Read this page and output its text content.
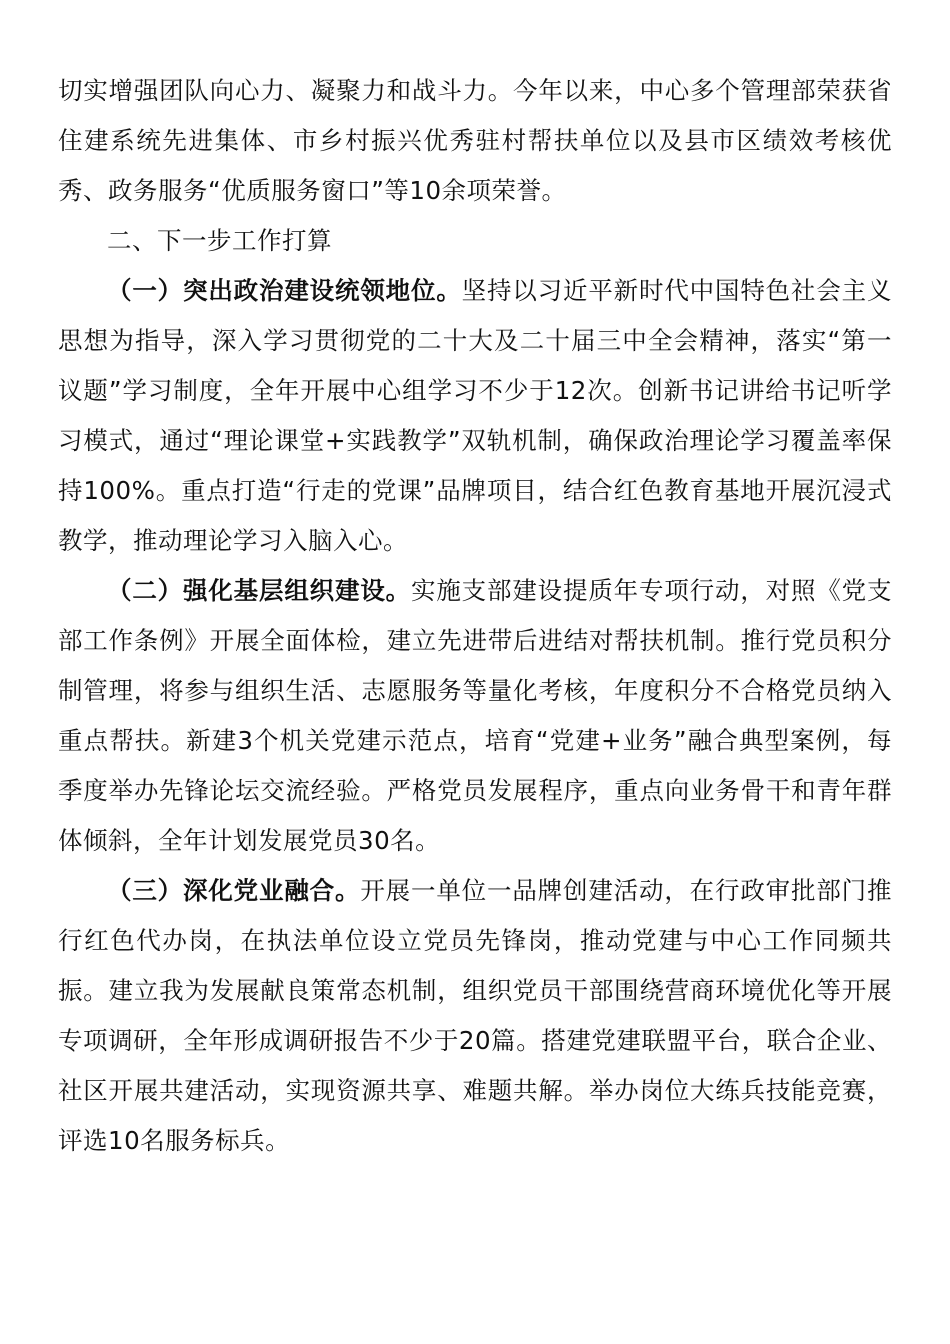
切实增强团队向心力、凝聚力和战斗力。今年以来，中心多个管理部荣获省住建系统先进集体、市乡村振兴优秀驻村帮扶单位以及县市区绩效考核优秀、政务服务“优质服务窗口”等10余项荣誉。

二、下一步工作打算

（一）突出政治建设统领地位。坚持以习近平新时代中国特色社会主义思想为指导，深入学习贯彻党的二十大及二十届三中全会精神，落实“第一议题”学习制度，全年开展中心组学习不少于12次。创新书记讲给书记听学习模式，通过“理论课堂+实践教学”双轨机制，确保政治理论学习覆盖率保持100%。重点打造“行走的党课”品牌项目，结合红色教育基地开展沉浸式教学，推动理论学习入脑入心。

（二）强化基层组织建设。实施支部建设提质年专项行动，对照《党支部工作条例》开展全面体检，建立先进带后进结对帮扶机制。推行党员积分制管理，将参与组织生活、志愿服务等量化考核，年度积分不合格党员纳入重点帮扶。新建3个机关党建示范点，培育“党建+业务”融合典型案例，每季度举办先锋论坛交流经验。严格党员发展程序，重点向业务骨干和青年群体倾斜，全年计划发展党员30名。

（三）深化党业融合。开展一单位一品牌创建活动，在行政审批部门推行红色代办岗，在执法单位设立党员先锋岗，推动党建与中心工作同频共振。建立我为发展献良策常态机制，组织党员干部围绕营商环境优化等开展专项调研，全年形成调研报告不少于20篇。搭建党建联盟平台，联合企业、社区开展共建活动，实现资源共享、难题共解。举办岗位大练兵技能竞赛，评选10名服务标兵。
